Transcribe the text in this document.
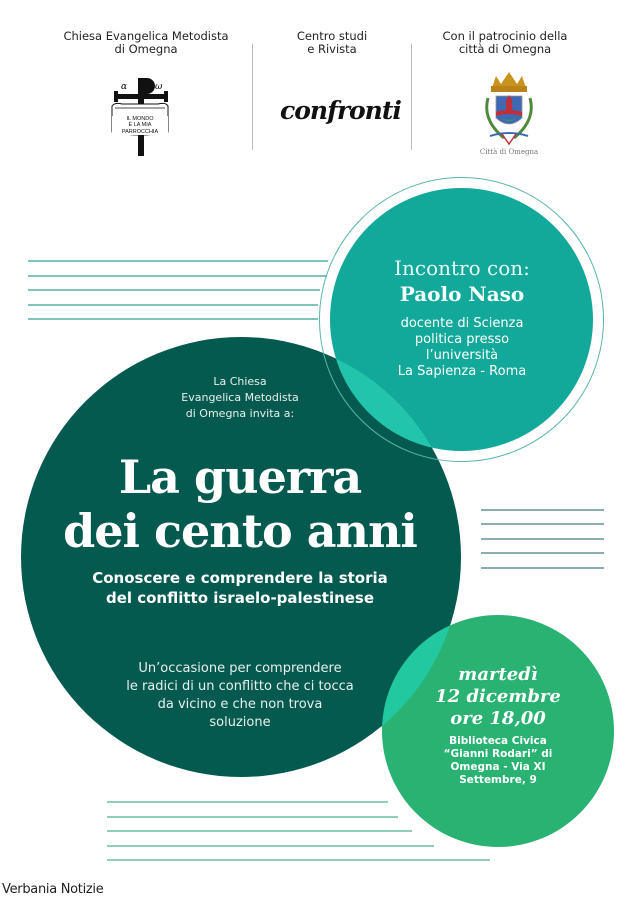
Chiesa Evangelica Metodista
di Omegna
Centro studi
e Rivista
Con il patrocinio della
città di Omegna
α	ω
IL MONDO
È LA MIA
PARROCCHIA
confronti
Città di Omegna
Incontro con:
Paolo Naso
docente di Scienza
politica presso
l’università
La Sapienza - Roma
La Chiesa
Evangelica Metodista
di Omegna invita a:
La guerra
dei cento anni
Conoscere e comprendere la storia
del conflitto israelo-palestinese
Un’occasione per comprendere
le radici di un conflitto che ci tocca
da vicino e che non trova
soluzione
martedì
12 dicembre
ore 18,00
Biblioteca Civica
“Gianni Rodari” di
Omegna - Via XI
Settembre, 9
Verbania Notizie
